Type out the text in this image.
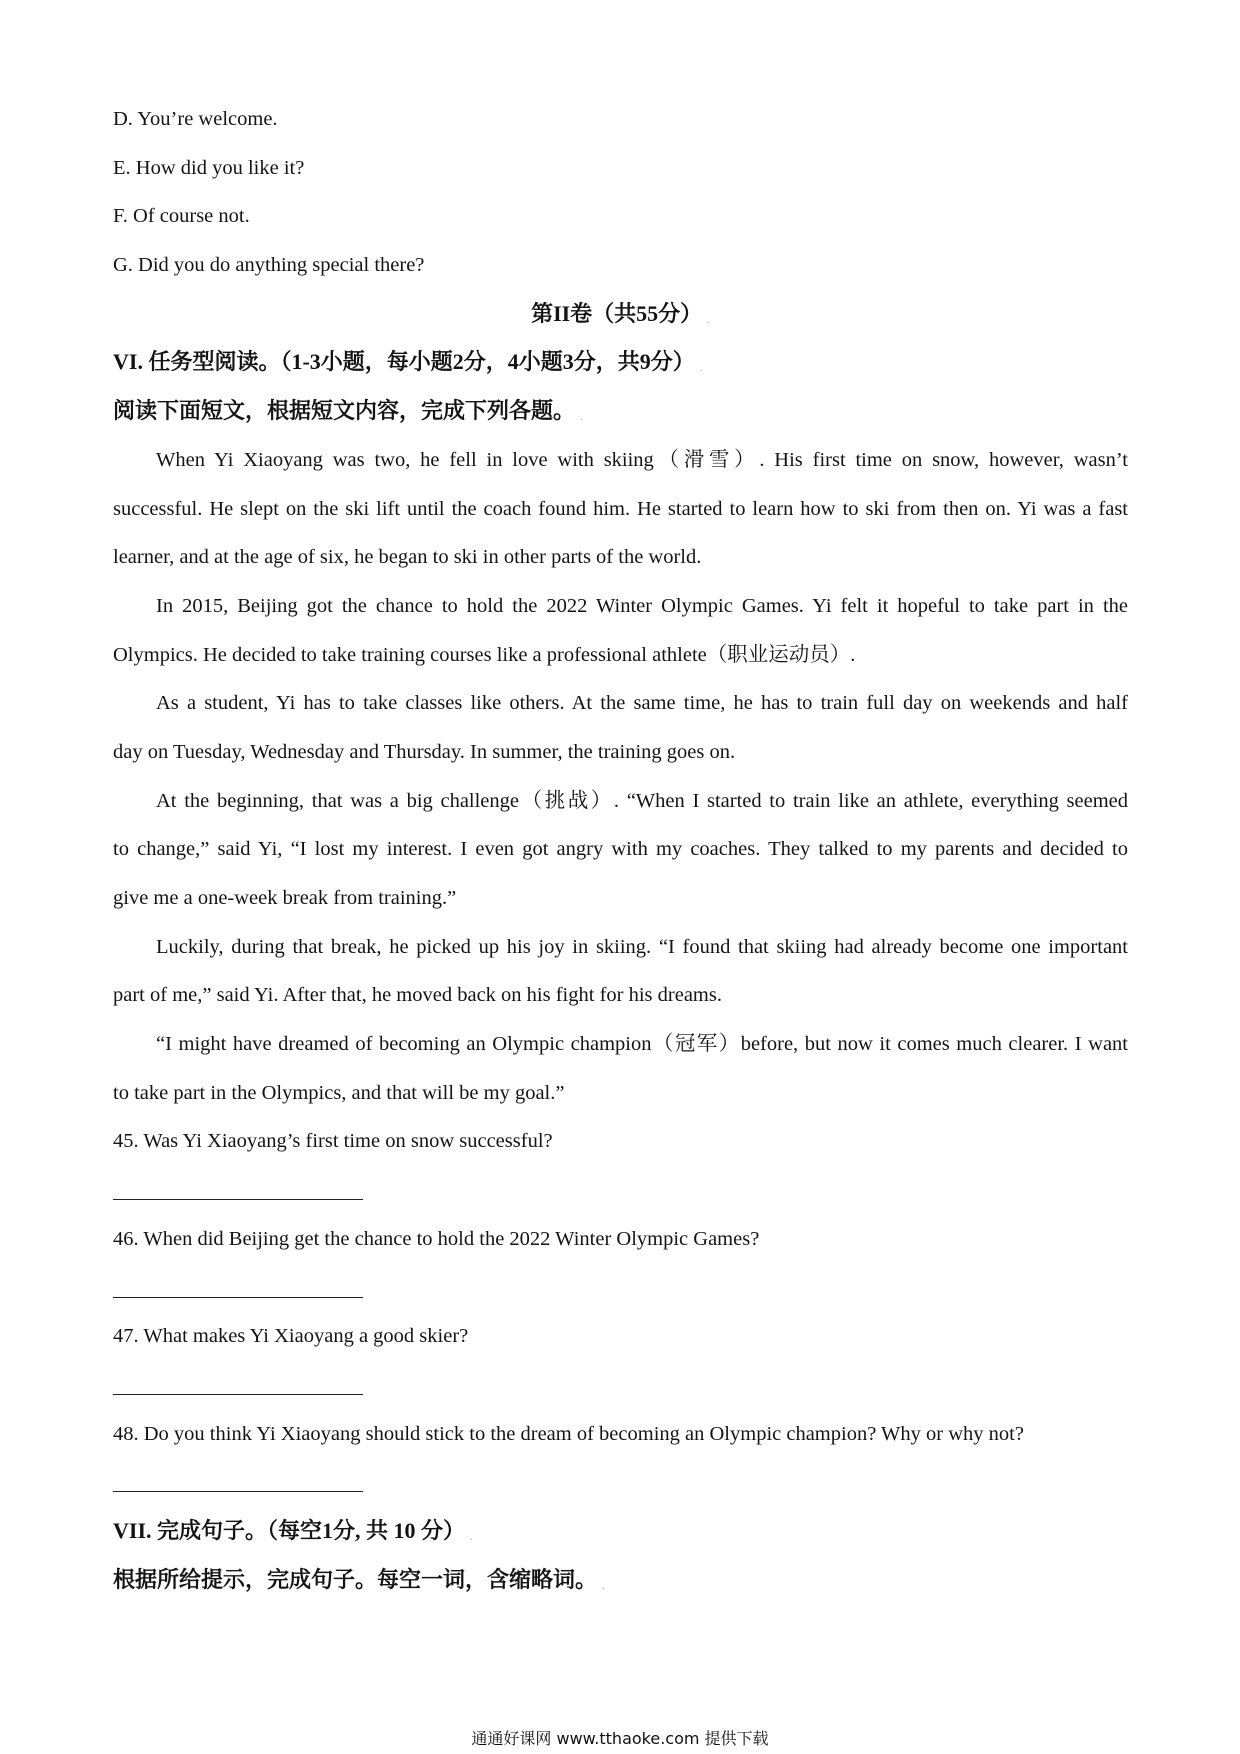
D. You’re welcome.
E. How did you like it?
F. Of course not.
G. Did you do anything special there?
第II卷（共55分） .
VI. 任务型阅读。（1-3小题，每小题2分，4小题3分，共9分） .
阅读下面短文，根据短文内容，完成下列各题。 .
When Yi Xiaoyang was two, he fell in love with skiing（滑雪）. His first time on snow, however, wasn’t
successful. He slept on the ski lift until the coach found him. He started to learn how to ski from then on. Yi was a fast
learner, and at the age of six, he began to ski in other parts of the world.
In 2015, Beijing got the chance to hold the 2022 Winter Olympic Games. Yi felt it hopeful to take part in the
Olympics. He decided to take training courses like a professional athlete（职业运动员）.
As a student, Yi has to take classes like others. At the same time, he has to train full day on weekends and half
day on Tuesday, Wednesday and Thursday. In summer, the training goes on.
At the beginning, that was a big challenge（挑战）. “When I started to train like an athlete, everything seemed
to change,” said Yi, “I lost my interest. I even got angry with my coaches. They talked to my parents and decided to
give me a one-week break from training.”
Luckily, during that break, he picked up his joy in skiing. “I found that skiing had already become one important
part of me,” said Yi. After that, he moved back on his fight for his dreams.
“I might have dreamed of becoming an Olympic champion（冠军）before, but now it comes much clearer. I want
to take part in the Olympics, and that will be my goal.”
45. Was Yi Xiaoyang’s first time on snow successful?
46. When did Beijing get the chance to hold the 2022 Winter Olympic Games?
47. What makes Yi Xiaoyang a good skier?
48. Do you think Yi Xiaoyang should stick to the dream of becoming an Olympic champion? Why or why not?
VII. 完成句子。（每空1分, 共 10 分） .
根据所给提示，完成句子。每空一词，含缩略词。 .
通通好课网 www.tthaoke.com 提供下载
